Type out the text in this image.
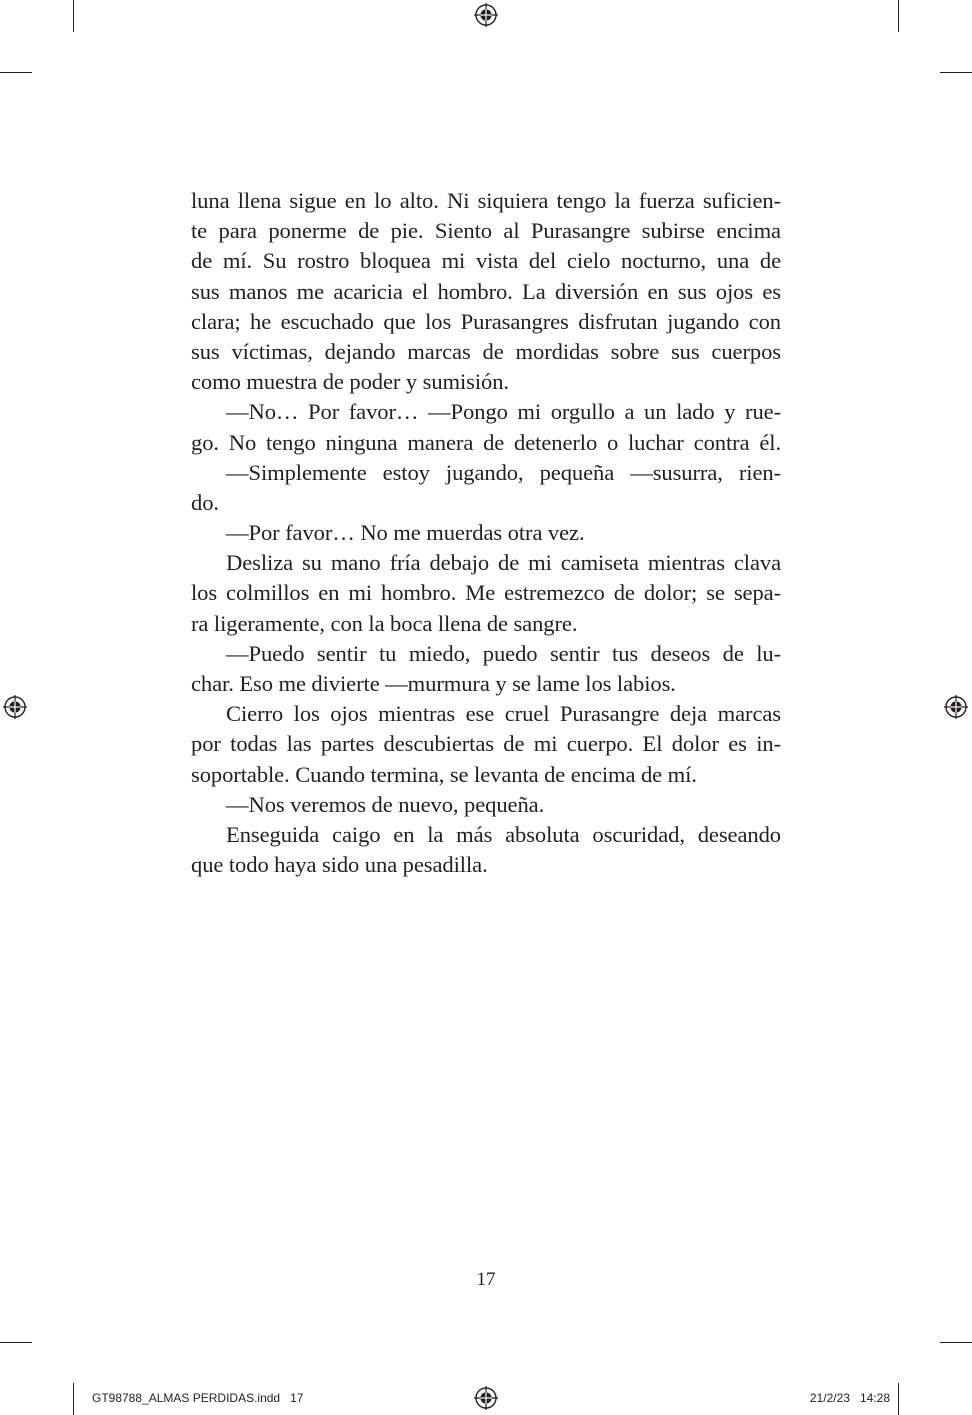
luna llena sigue en lo alto. Ni siquiera tengo la fuerza suficien-
te para ponerme de pie. Siento al Purasangre subirse encima
de mí. Su rostro bloquea mi vista del cielo nocturno, una de
sus manos me acaricia el hombro. La diversión en sus ojos es
clara; he escuchado que los Purasangres disfrutan jugando con
sus víctimas, dejando marcas de mordidas sobre sus cuerpos
como muestra de poder y sumisión.
—No… Por favor… —Pongo mi orgullo a un lado y rue-
go. No tengo ninguna manera de detenerlo o luchar contra él.
—Simplemente estoy jugando, pequeña —susurra, rien-
do.
—Por favor… No me muerdas otra vez.
Desliza su mano fría debajo de mi camiseta mientras clava
los colmillos en mi hombro. Me estremezco de dolor; se sepa-
ra ligeramente, con la boca llena de sangre.
—Puedo sentir tu miedo, puedo sentir tus deseos de lu-
char. Eso me divierte —murmura y se lame los labios.
Cierro los ojos mientras ese cruel Purasangre deja marcas
por todas las partes descubiertas de mi cuerpo. El dolor es in-
soportable. Cuando termina, se levanta de encima de mí.
—Nos veremos de nuevo, pequeña.
Enseguida caigo en la más absoluta oscuridad, deseando
que todo haya sido una pesadilla.
17
GT98788_ALMAS PERDIDAS.indd   17	21/2/23   14:28
